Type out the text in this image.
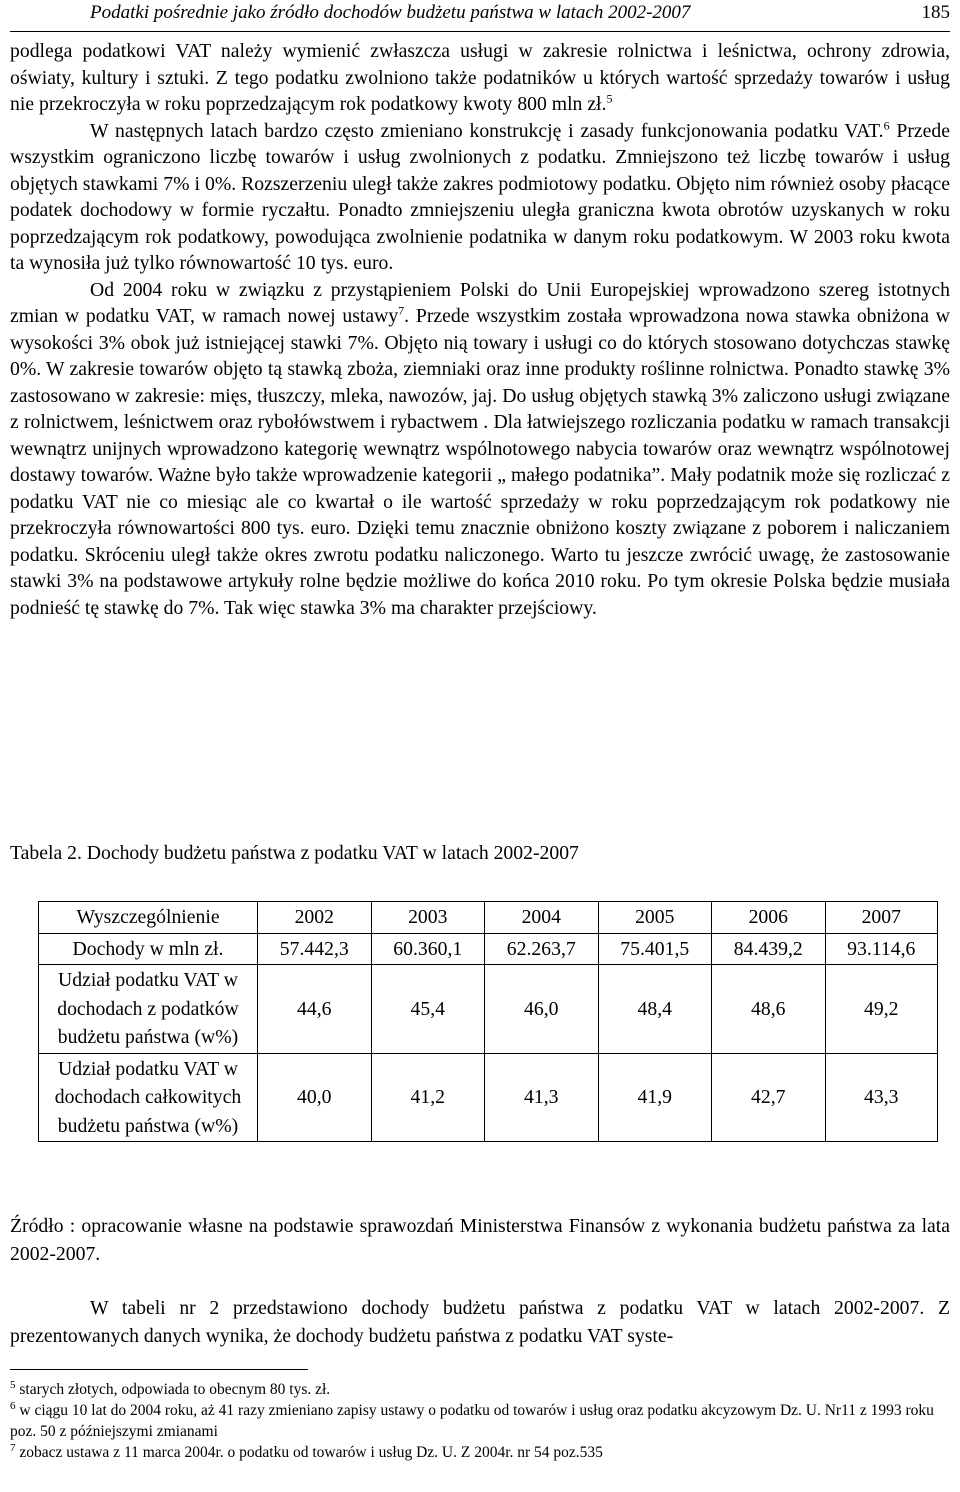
Podatki pośrednie jako źródło dochodów budżetu państwa w latach 2002-2007	185

podlega podatkowi VAT należy wymienić zwłaszcza usługi w zakresie rolnictwa i leśnictwa, ochrony zdrowia, oświaty, kultury i sztuki. Z tego podatku zwolniono także podatników u których wartość sprzedaży towarów i usług nie przekroczyła w roku poprzedzającym rok podatkowy kwoty 800 mln zł.$^5$

W następnych latach bardzo często zmieniano konstrukcję i zasady funkcjonowania podatku VAT.$^6$ Przede wszystkim ograniczono liczbę towarów i usług zwolnionych z podatku. Zmniejszono też liczbę towarów i usług objętych stawkami 7% i 0%. Rozszerzeniu uległ także zakres podmiotowy podatku. Objęto nim również osoby płacące podatek dochodowy w formie ryczałtu. Ponadto zmniejszeniu uległa graniczna kwota obrotów uzyskanych w roku poprzedzającym rok podatkowy, powodująca zwolnienie podatnika w danym roku podatkowym. W 2003 roku kwota ta wynosiła już tylko równowartość 10 tys. euro.

Od 2004 roku w związku z przystąpieniem Polski do Unii Europejskiej wprowadzono szereg istotnych zmian w podatku VAT, w ramach nowej ustawy$^7$. Przede wszystkim została wprowadzona nowa stawka obniżona w wysokości 3% obok już istniejącej stawki 7%. Objęto nią towary i usługi co do których stosowano dotychczas stawkę 0%. W zakresie towarów objęto tą stawką zboża, ziemniaki oraz inne produkty roślinne rolnictwa. Ponadto stawkę 3% zastosowano w zakresie: mięs, tłuszczy, mleka, nawozów, jaj. Do usług objętych stawką 3% zaliczono usługi związane z rolnictwem, leśnictwem oraz rybołówstwem i rybactwem . Dla łatwiejszego rozliczania podatku w ramach transakcji wewnątrz unijnych wprowadzono kategorię wewnątrz wspólnotowego nabycia towarów oraz wewnątrz wspólnotowej dostawy towarów. Ważne było także wprowadzenie kategorii „ małego podatnika”. Mały podatnik może się rozliczać z podatku VAT nie co miesiąc ale co kwartał o ile wartość sprzedaży w roku poprzedzającym rok podatkowy nie przekroczyła równowartości 800 tys. euro. Dzięki temu znacznie obniżono koszty związane z poborem i naliczaniem podatku. Skróceniu uległ także okres zwrotu podatku naliczonego. Warto tu jeszcze zwrócić uwagę, że zastosowanie stawki 3% na podstawowe artykuły rolne będzie możliwe do końca 2010 roku. Po tym okresie Polska będzie musiała podnieść tę stawkę do 7%. Tak więc stawka 3% ma charakter przejściowy.

Tabela 2. Dochody budżetu państwa z podatku VAT w latach 2002-2007
Wyszczególnienie	2002	2003	2004	2005	2006	2007
Dochody w mln zł.	57.442,3	60.360,1	62.263,7	75.401,5	84.439,2	93.114,6
Udział podatku VAT w dochodach z podatków budżetu państwa (w%)	44,6	45,4	46,0	48,4	48,6	49,2
Udział podatku VAT w dochodach całkowitych budżetu państwa (w%)	40,0	41,2	41,3	41,9	42,7	43,3
Źródło : opracowanie własne na podstawie sprawozdań Ministerstwa Finansów z wykonania budżetu państwa za lata 2002-2007.
W tabeli nr 2 przedstawiono dochody budżetu państwa z podatku VAT w latach 2002-2007. Z prezentowanych danych wynika, że dochody budżetu państwa z podatku VAT syste-

$^5$ starych złotych, odpowiada to obecnym 80 tys. zł.

$^6$ w ciągu 10 lat do 2004 roku, aż 41 razy zmieniano zapisy ustawy o podatku od towarów i usług oraz podatku akcyzowym Dz. U. Nr11 z 1993 roku poz. 50 z późniejszymi zmianami

$^7$ zobacz ustawa z 11 marca 2004r. o podatku od towarów i usług Dz. U. Z 2004r. nr 54 poz.535
